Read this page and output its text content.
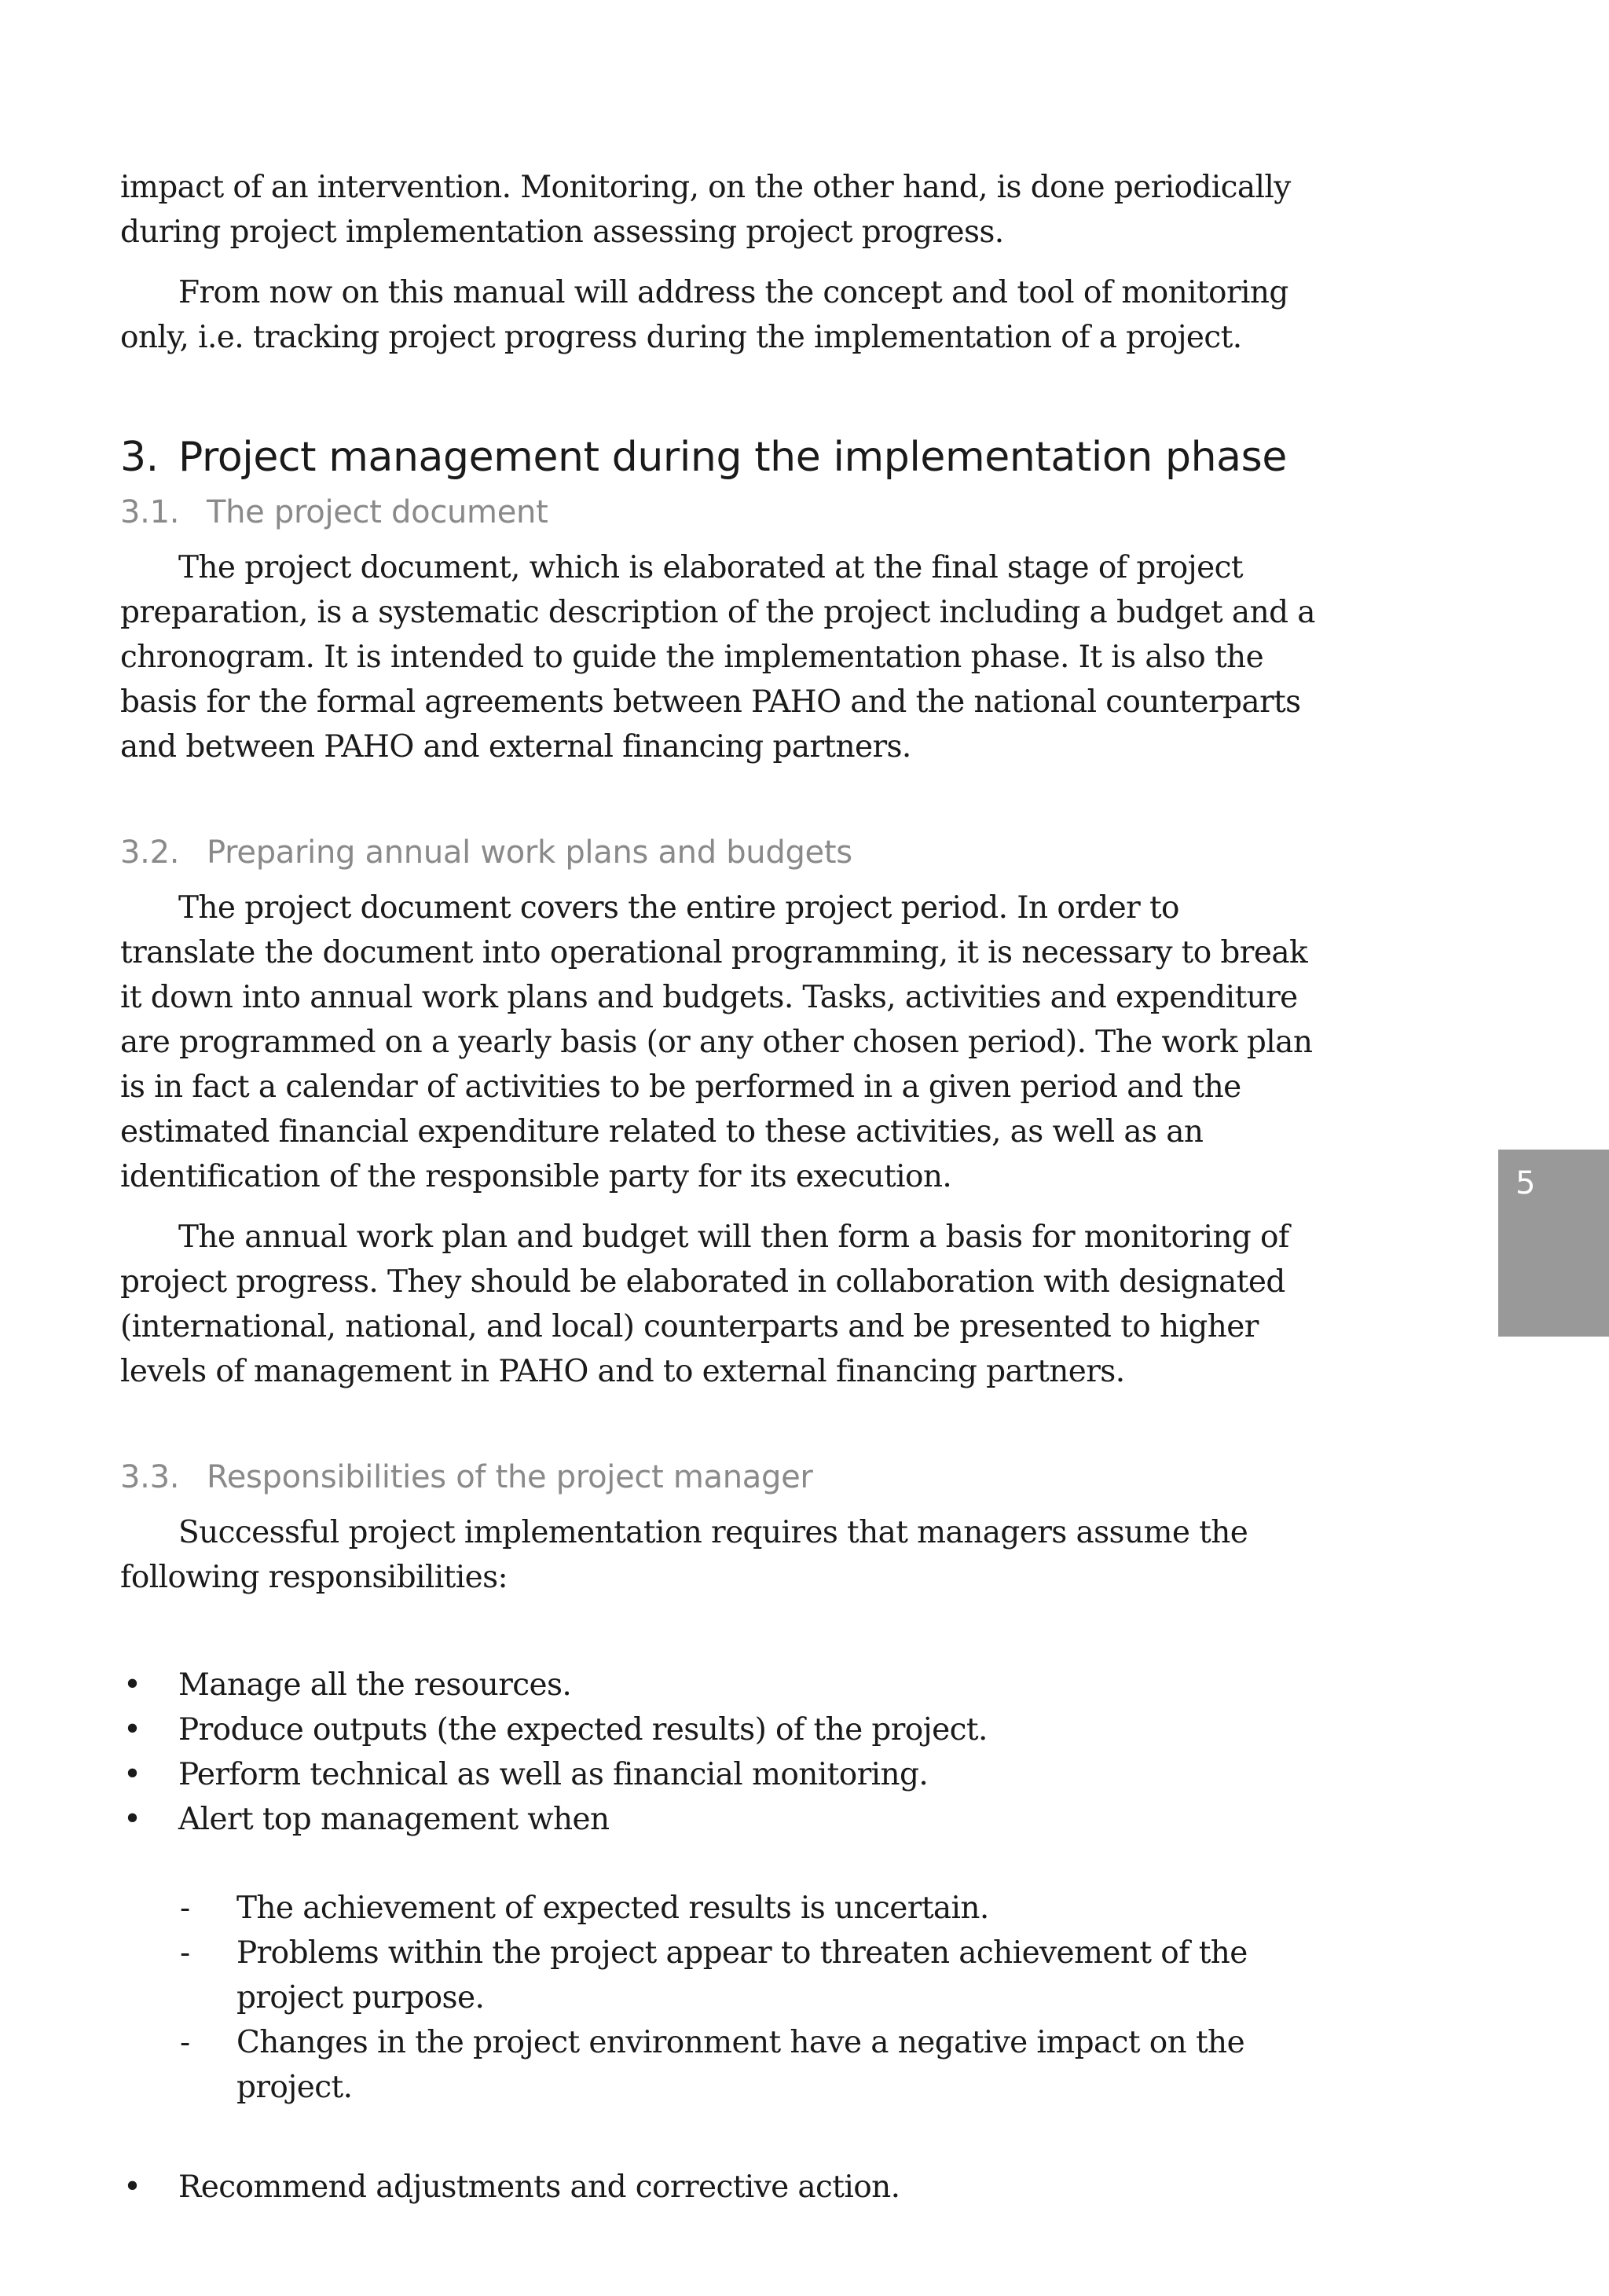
impact of an intervention. Monitoring, on the other hand, is done periodically during project implementation assessing project progress.

From now on this manual will address the concept and tool of monitoring only, i.e. tracking project progress during the implementation of a project.

3. Project management during the implementation phase
3.1. The project document

The project document, which is elaborated at the final stage of project preparation, is a systematic description of the project including a budget and a chronogram. It is intended to guide the implementation phase. It is also the basis for the formal agreements between PAHO and the national counterparts and between PAHO and external financing partners.

3.2. Preparing annual work plans and budgets

The project document covers the entire project period. In order to translate the document into operational programming, it is necessary to break it down into annual work plans and budgets. Tasks, activities and expenditure are programmed on a yearly basis (or any other chosen period). The work plan is in fact a calendar of activities to be performed in a given period and the estimated financial expenditure related to these activities, as well as an identification of the responsible party for its execution.

The annual work plan and budget will then form a basis for monitoring of project progress. They should be elaborated in collaboration with designated (international, national, and local) counterparts and be presented to higher levels of management in PAHO and to external financing partners.

3.3. Responsibilities of the project manager

Successful project implementation requires that managers assume the following responsibilities:

• Manage all the resources.
• Produce outputs (the expected results) of the project.
• Perform technical as well as financial monitoring.
• Alert top management when
- The achievement of expected results is uncertain.
- Problems within the project appear to threaten achievement of the project purpose.
- Changes in the project environment have a negative impact on the project.
• Recommend adjustments and corrective action.
5
